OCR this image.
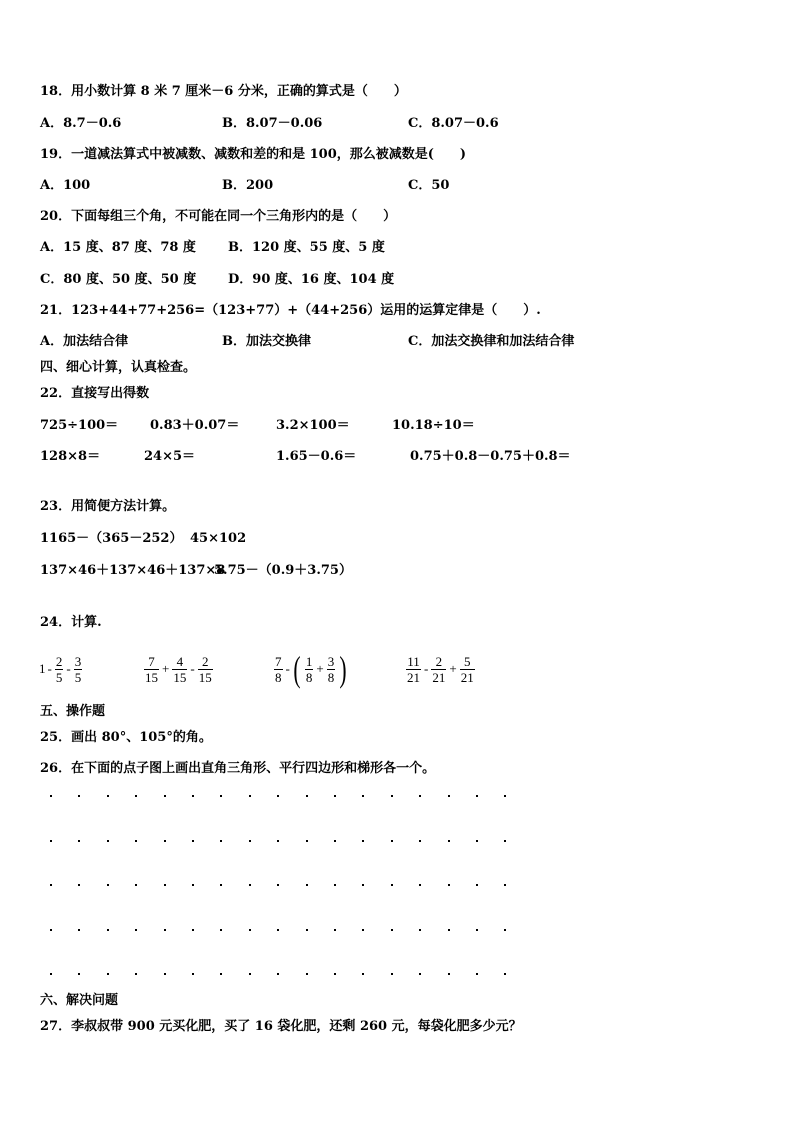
18．用小数计算 8 米 7 厘米－6 分米，正确的算式是（　　）
A．8.7－0.6	B．8.07－0.06	C．8.07－0.6
19．一道减法算式中被减数、减数和差的和是 100，那么被减数是(　　)
A．100	B．200	C．50
20．下面每组三个角，不可能在同一个三角形内的是（　　）
A．15 度、87 度、78 度 B．120 度、55 度、5 度
C．80 度、50 度、50 度 D．90 度、16 度、104 度
21．123+44+77+256=（123+77）+（44+256）运用的运算定律是（　　）.
A．加法结合律	B．加法交换律	C．加法交换律和加法结合律
四、细心计算，认真检查。
22．直接写出得数
725÷100＝ 0.83＋0.07＝	3.2×100＝	10.18÷10＝
128×8＝	24×5＝	1.65－0.6＝	0.75＋0.8－0.75＋0.8＝
23．用简便方法计算。
1165－（365－252） 45×102
137×46＋137×46＋137×8
5.75－（0.9＋3.75）
24．计算.
$1 - \frac{2}{5} - \frac{3}{5}$	$\frac{7}{15} + \frac{4}{15} - \frac{2}{15}$	$\frac{7}{8}$ - ( $\frac{1}{8} + \frac{3}{8}$ )	$\frac{11}{21} - \frac{2}{21} + \frac{5}{21}$
五、操作题
25．画出 80°、105°的角。
26．在下面的点子图上画出直角三角形、平行四边形和梯形各一个。
六、解决问题
27．李叔叔带 900 元买化肥，买了 16 袋化肥，还剩 260 元，每袋化肥多少元？
